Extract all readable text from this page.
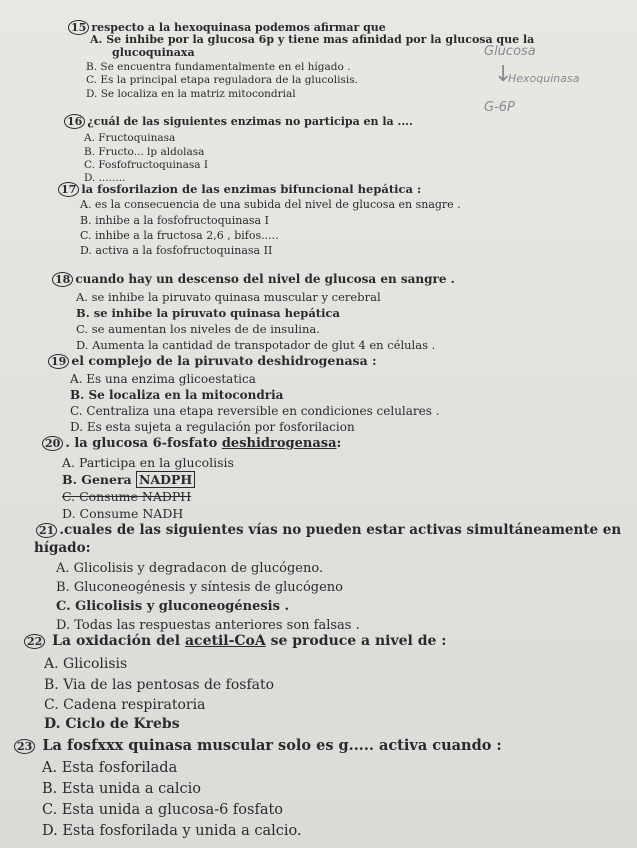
Glucosa
↓
Hexoquinasa
G-6P
15 respecto a la hexoquinasa podemos afirmar que
A. Se inhibe por la glucosa 6p y tiene mas afinidad por la glucosa que la
glucoquinaxa
B. Se encuentra fundamentalmente en el hígado .
C. Es la principal etapa reguladora de la glucolisis.
D. Se localiza en la matriz mitocondrial
16 ¿cuál de las siguientes enzimas no participa en la ....
A. Fructoquinasa
B. Fructo... lp aldolasa
C. Fosfofructoquinasa I
D. ........
17 la fosforilazion de las enzimas bifuncional hepática :
A. es la consecuencia de una subida del nivel de glucosa en snagre .
B. inhibe a la fosfofructoquinasa I
C. inhibe a la fructosa 2,6 , bifos.....
D. activa a la fosfofructoquinasa II
18 cuando hay un descenso del nivel de glucosa en sangre .
A. se inhibe la piruvato quinasa muscular y cerebral
B. se inhibe la piruvato quinasa hepática
C. se aumentan los niveles de de insulina.
D. Aumenta la cantidad de transpotador de glut 4 en células .
19 el complejo de la piruvato deshidrogenasa :
A. Es una enzima glicoestatica
B. Se localiza en la mitocondria
C. Centraliza una etapa reversible en condiciones celulares .
D. Es esta sujeta a regulación por fosforilacion
20 . la glucosa 6-fosfato deshidrogenasa:
A. Participa en la glucolisis
B. Genera NADPH
C. Consume NADPH
D. Consume NADH
21 .cuales de las siguientes vías no pueden estar activas simultáneamente en
hígado:
A. Glicolisis y degradacon de glucógeno.
B. Gluconeogénesis y síntesis de glucógeno
C. Glicolisis y gluconeogénesis .
D. Todas las respuestas anteriores son falsas .
22 La oxidación del acetil-CoA se produce a nivel de :
A. Glicolisis
B. Via de las pentosas de fosfato
C. Cadena respiratoria
D. Ciclo de Krebs
23 La fosfxxx quinasa muscular solo es g..... activa cuando :
A. Esta fosforilada
B. Esta unida a calcio
C. Esta unida a glucosa-6 fosfato
D. Esta fosforilada y unida a calcio.
